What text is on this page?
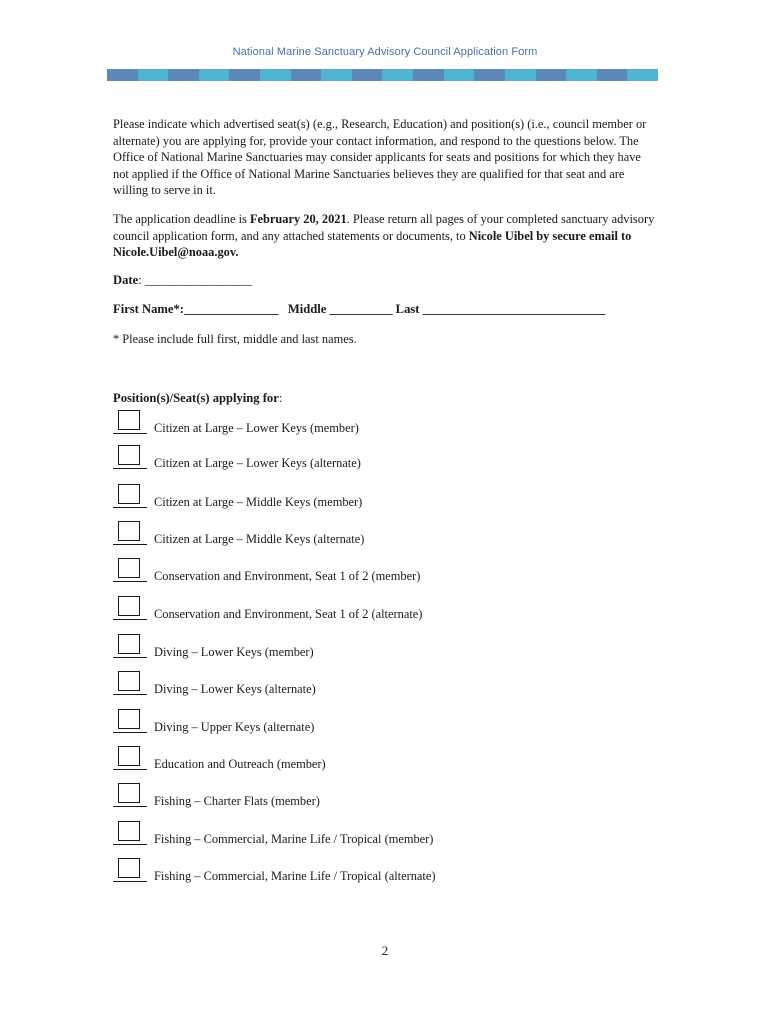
National Marine Sanctuary Advisory Council Application Form

Please indicate which advertised seat(s) (e.g., Research, Education) and position(s) (i.e., council member or alternate) you are applying for, provide your contact information, and respond to the questions below. The Office of National Marine Sanctuaries may consider applicants for seats and positions for which they have not applied if the Office of National Marine Sanctuaries believes they are qualified for that seat and are willing to serve in it.

The application deadline is February 20, 2021. Please return all pages of your completed sanctuary advisory council application form, and any attached statements or documents, to Nicole Uibel by secure email to Nicole.Uibel@noaa.gov.

Date: _________________
First Name*:_______________ Middle __________ Last _____________________________
* Please include full first, middle and last names.
Position(s)/Seat(s) applying for:
Citizen at Large – Lower Keys (member)
Citizen at Large – Lower Keys (alternate)
Citizen at Large – Middle Keys (member)
Citizen at Large – Middle Keys (alternate)
Conservation and Environment, Seat 1 of 2 (member)
Conservation and Environment, Seat 1 of 2 (alternate)
Diving – Lower Keys (member)
Diving – Lower Keys (alternate)
Diving – Upper Keys (alternate)
Education and Outreach (member)
Fishing – Charter Flats (member)
Fishing – Commercial, Marine Life / Tropical (member)
Fishing – Commercial, Marine Life / Tropical (alternate)
2
